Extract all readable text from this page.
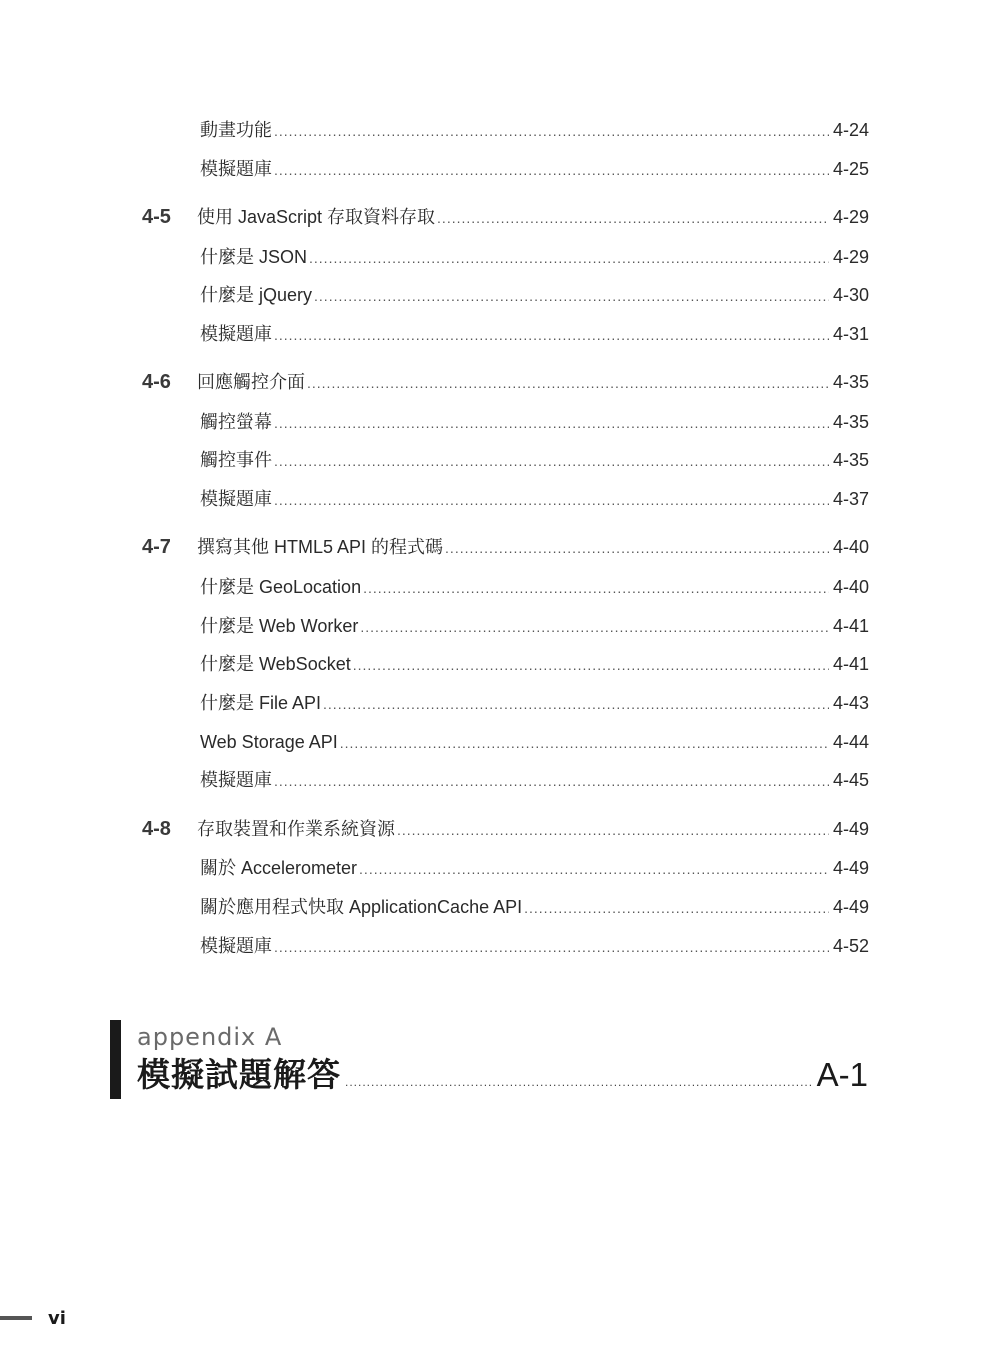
動畫功能 .....	4-24
模擬題庫 .....	4-25
4-5	使用 JavaScript 存取資料存取 .....	4-29
什麼是 JSON .....	4-29
什麼是 jQuery .....	4-30
模擬題庫 .....	4-31
4-6	回應觸控介面 .....	4-35
觸控螢幕 .....	4-35
觸控事件 .....	4-35
模擬題庫 .....	4-37
4-7	撰寫其他 HTML5 API 的程式碼 .....	4-40
什麼是 GeoLocation .....	4-40
什麼是 Web Worker .....	4-41
什麼是 WebSocket .....	4-41
什麼是 File API .....	4-43
Web Storage API .....	4-44
模擬題庫 .....	4-45
4-8	存取裝置和作業系統資源 .....	4-49
關於 Accelerometer .....	4-49
關於應用程式快取 ApplicationCache API .....	4-49
模擬題庫 .....	4-52
appendix A
模擬試題解答 .....	A-1
vi
